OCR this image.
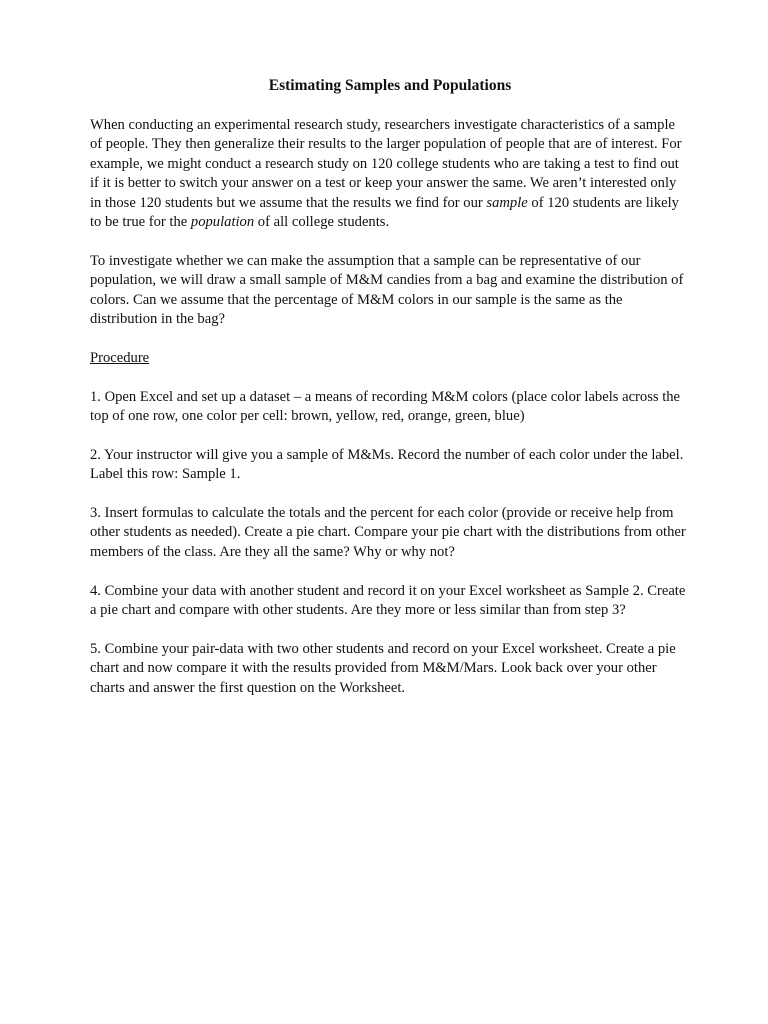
Estimating Samples and Populations

When conducting an experimental research study, researchers investigate characteristics of a sample of people. They then generalize their results to the larger population of people that are of interest. For example, we might conduct a research study on 120 college students who are taking a test to find out if it is better to switch your answer on a test or keep your answer the same. We aren’t interested only in those 120 students but we assume that the results we find for our sample of 120 students are likely to be true for the population of all college students.

To investigate whether we can make the assumption that a sample can be representative of our population, we will draw a small sample of M&M candies from a bag and examine the distribution of colors. Can we assume that the percentage of M&M colors in our sample is the same as the distribution in the bag?

Procedure

1. Open Excel and set up a dataset – a means of recording M&M colors (place color labels across the top of one row, one color per cell: brown, yellow, red, orange, green, blue)

2. Your instructor will give you a sample of M&Ms. Record the number of each color under the label. Label this row: Sample 1.

3. Insert formulas to calculate the totals and the percent for each color (provide or receive help from other students as needed). Create a pie chart. Compare your pie chart with the distributions from other members of the class. Are they all the same? Why or why not?

4. Combine your data with another student and record it on your Excel worksheet as Sample 2. Create a pie chart and compare with other students. Are they more or less similar than from step 3?

5. Combine your pair-data with two other students and record on your Excel worksheet. Create a pie chart and now compare it with the results provided from M&M/Mars. Look back over your other charts and answer the first question on the Worksheet.
